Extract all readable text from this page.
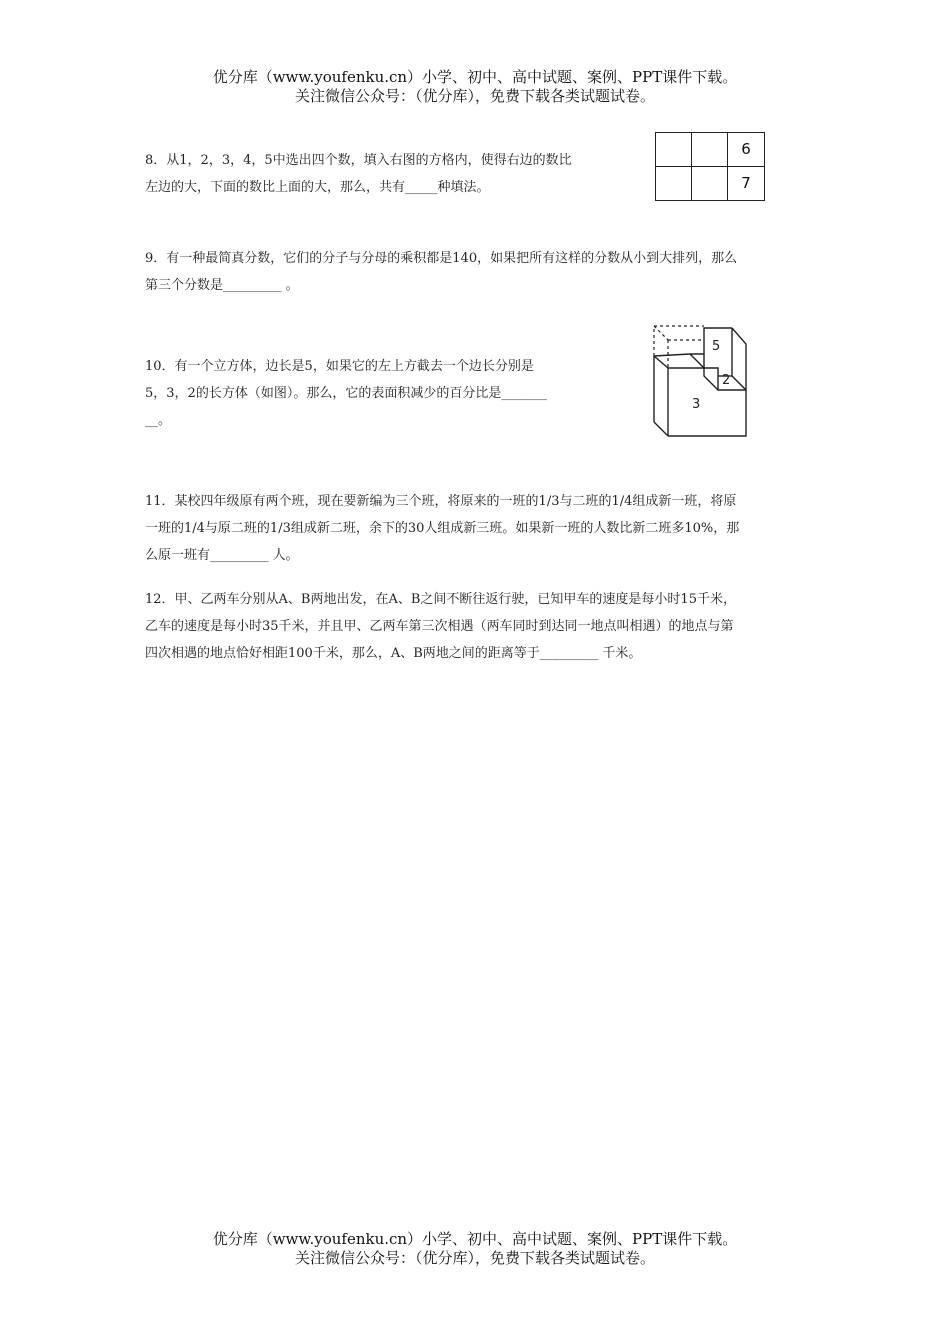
优分库（www.youfenku.cn）小学、初中、高中试题、案例、PPT课件下载。
关注微信公众号：（优分库），免费下载各类试题试卷。

8．从1，2，3，4，5中选出四个数，填入右图的方格内，使得右边的数比

左边的大，下面的数比上面的大，那么，共有_____种填法。

6
7

9．有一种最简真分数，它们的分子与分母的乘积都是140，如果把所有这样的分数从小到大排列，那么

第三个分数是_________ 。

10．有一个立方体，边长是5，如果它的左上方截去一个边长分别是

5，3，2的长方体（如图）。那么，它的表面积减少的百分比是_______

__。

5
2
3

11．某校四年级原有两个班，现在要新编为三个班，将原来的一班的1/3与二班的1/4组成新一班，将原

一班的1/4与原二班的1/3组成新二班，余下的30人组成新三班。如果新一班的人数比新二班多10%，那

么原一班有_________ 人。

12．甲、乙两车分别从A、B两地出发，在A、B之间不断往返行驶，已知甲车的速度是每小时15千米，

乙车的速度是每小时35千米，并且甲、乙两车第三次相遇（两车同时到达同一地点叫相遇）的地点与第

四次相遇的地点恰好相距100千米，那么，A、B两地之间的距离等于_________ 千米。

优分库（www.youfenku.cn）小学、初中、高中试题、案例、PPT课件下载。
关注微信公众号：（优分库），免费下载各类试题试卷。
